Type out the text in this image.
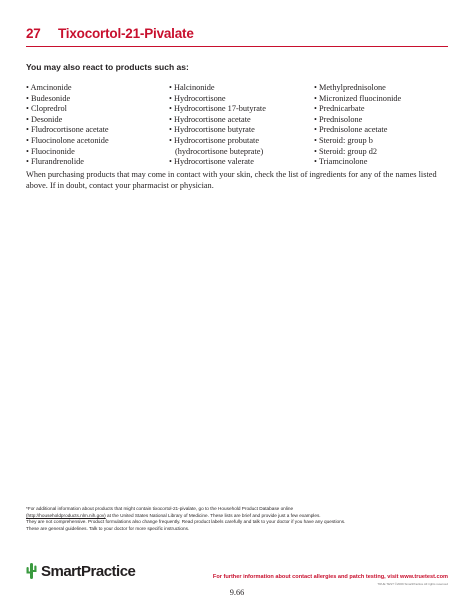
27	Tixocortol-21-Pivalate
You may also react to products such as:
• Amcinonide
• Budesonide
• Clopredrol
• Desonide
• Fludrocortisone acetate
• Fluocinolone acetonide
• Fluocinonide
• Flurandrenolide
• Halcinonide
• Hydrocortisone
• Hydrocortisone 17-butyrate
• Hydrocortisone acetate
• Hydrocortisone butyrate
• Hydrocortisone probutate
(hydrocortisone buteprate)
• Hydrocortisone valerate
• Methylprednisolone
• Micronized fluocinonide
• Prednicarbate
• Prednisolone
• Prednisolone acetate
• Steroid: group b
• Steroid: group d2
• Triamcinolone

When purchasing products that may come in contact with your skin, check the list of ingredients for any of the names listed above. If in doubt, contact your pharmacist or physician.

*For additional information about products that might contain tixocortol-21-pivalate, go to the Household Product Database online
(http://householdproducts.nlm.nih.gov) at the United States National Library of Medicine. These lists are brief and provide just a few examples.
They are not comprehensive. Product formulations also change frequently. Read product labels carefully and talk to your doctor if you have any questions.
These are general guidelines. Talk to your doctor for more specific instructions.
SmartPractice	For further information about contact allergies and patch testing, visit www.truetest.com
TRUE TEST ©2009 SmartPractice All rights reserved
9.66
